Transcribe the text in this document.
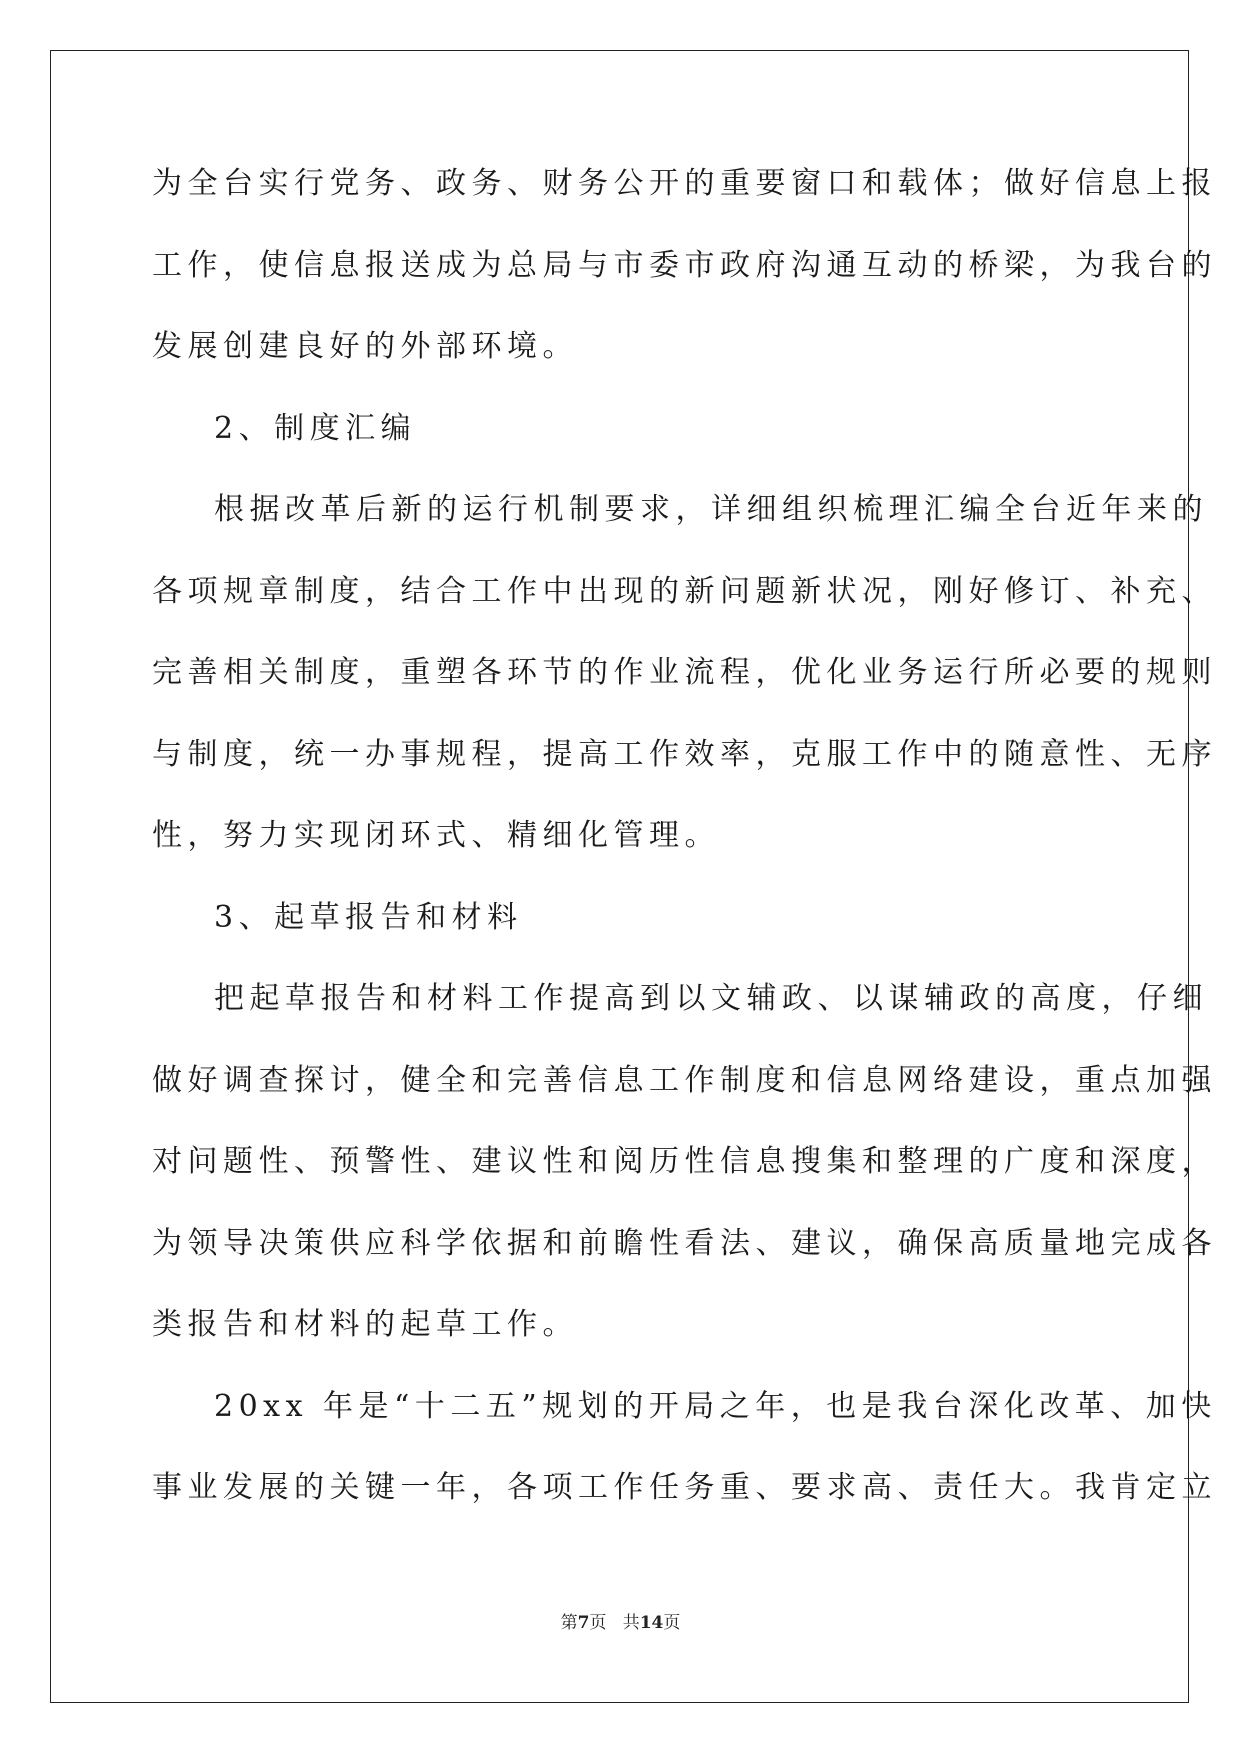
为全台实行党务、政务、财务公开的重要窗口和载体；做好信息上报
工作，使信息报送成为总局与市委市政府沟通互动的桥梁，为我台的
发展创建良好的外部环境。
2、制度汇编
根据改革后新的运行机制要求，详细组织梳理汇编全台近年来的
各项规章制度，结合工作中出现的新问题新状况，刚好修订、补充、
完善相关制度，重塑各环节的作业流程，优化业务运行所必要的规则
与制度，统一办事规程，提高工作效率，克服工作中的随意性、无序
性，努力实现闭环式、精细化管理。
3、起草报告和材料
把起草报告和材料工作提高到以文辅政、以谋辅政的高度，仔细
做好调查探讨，健全和完善信息工作制度和信息网络建设，重点加强
对问题性、预警性、建议性和阅历性信息搜集和整理的广度和深度，
为领导决策供应科学依据和前瞻性看法、建议，确保高质量地完成各
类报告和材料的起草工作。
20xx 年是“十二五”规划的开局之年，也是我台深化改革、加快
事业发展的关键一年，各项工作任务重、要求高、责任大。我肯定立
第7页 共14页
